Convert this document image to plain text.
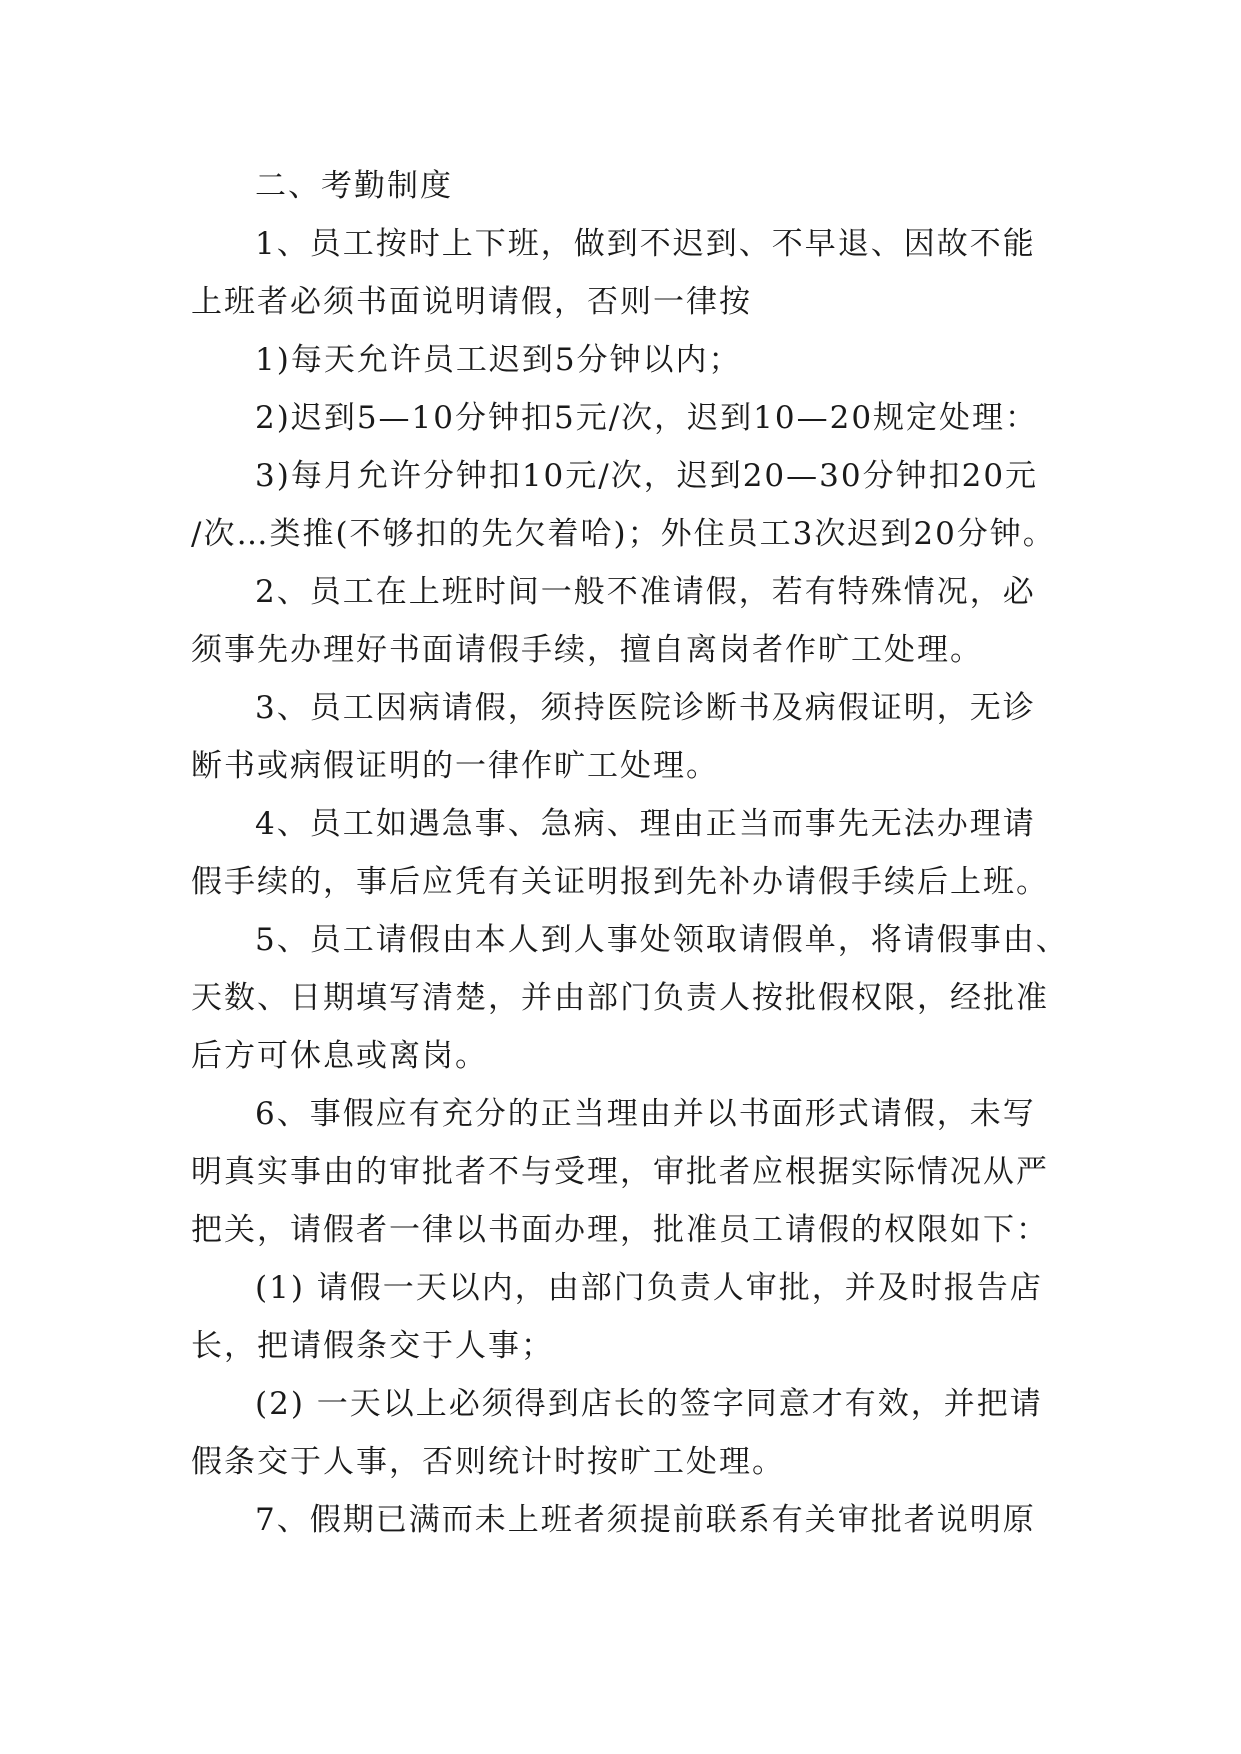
二、考勤制度
1、员工按时上下班，做到不迟到、不早退、因故不能
上班者必须书面说明请假，否则一律按
1)每天允许员工迟到5分钟以内；
2)迟到5—10分钟扣5元/次，迟到10—20规定处理：
3)每月允许分钟扣10元/次，迟到20—30分钟扣20元
/次…类推(不够扣的先欠着哈)；外住员工3次迟到20分钟。
2、员工在上班时间一般不准请假，若有特殊情况，必
须事先办理好书面请假手续，擅自离岗者作旷工处理。
3、员工因病请假，须持医院诊断书及病假证明，无诊
断书或病假证明的一律作旷工处理。
4、员工如遇急事、急病、理由正当而事先无法办理请
假手续的，事后应凭有关证明报到先补办请假手续后上班。
5、员工请假由本人到人事处领取请假单，将请假事由、
天数、日期填写清楚，并由部门负责人按批假权限，经批准
后方可休息或离岗。
6、事假应有充分的正当理由并以书面形式请假，未写
明真实事由的审批者不与受理，审批者应根据实际情况从严
把关，请假者一律以书面办理，批准员工请假的权限如下：
(1) 请假一天以内，由部门负责人审批，并及时报告店
长，把请假条交于人事；
(2) 一天以上必须得到店长的签字同意才有效，并把请
假条交于人事，否则统计时按旷工处理。
7、假期已满而未上班者须提前联系有关审批者说明原
